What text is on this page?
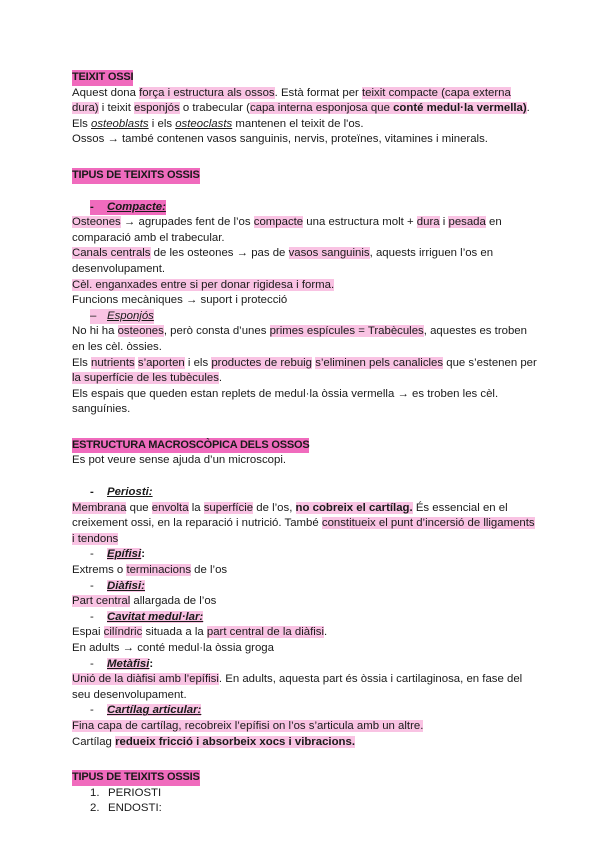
TEIXIT OSSI
Aquest dona força i estructura als ossos. Està format per teixit compacte (capa externa
dura) i teixit esponjós o trabecular (capa interna esponjosa que conté medul·la vermella).
Els osteoblasts i els osteoclasts mantenen el teixit de l'os.
Ossos → també contenen vasos sanguinis, nervis, proteïnes, vitamines i minerals.
TIPUS DE TEIXITS OSSIS
- Compacte:
Osteones → agrupades fent de l’os compacte una estructura molt + dura i pesada en
comparació amb el trabecular.
Canals centrals de les osteones → pas de vasos sanguinis, aquests irriguen l’os en
desenvolupament.
Cèl. enganxades entre si per donar rigidesa i forma.
Funcions mecàniques → suport i protecció
– Esponjós
No hi ha osteones, però consta d’unes primes espícules = Trabècules, aquestes es troben
en les cèl. òssies.
Els nutrients s’aporten i els productes de rebuig s’eliminen pels canalicles que s’estenen per
la superfície de les tubècules.
Els espais que queden estan replets de medul·la òssia vermella → es troben les cèl.
sanguínies.
ESTRUCTURA MACROSCÒPICA DELS OSSOS
Es pot veure sense ajuda d’un microscopi.
- Periosti:
Membrana que envolta la superfície de l’os, no cobreix el cartílag. És essencial en el
creixement ossi, en la reparació i nutrició. També constitueix el punt d’incersió de lligaments
i tendons
- Epífisi:
Extrems o terminacions de l’os
- Diàfisi:
Part central allargada de l’os
- Cavitat medul·lar:
Espai cilíndric situada a la part central de la diàfisi.
En adults → conté medul·la òssia groga
- Metàfisi:
Unió de la diàfisi amb l’epífisi. En adults, aquesta part és òssia i cartilaginosa, en fase del
seu desenvolupament.
- Cartílag articular:
Fina capa de cartílag, recobreix l’epífisi on l’os s’articula amb un altre.
Cartílag redueix fricció i absorbeix xocs i vibracions.
TIPUS DE TEIXITS OSSIS
1. PERIOSTI
2. ENDOSTI:
